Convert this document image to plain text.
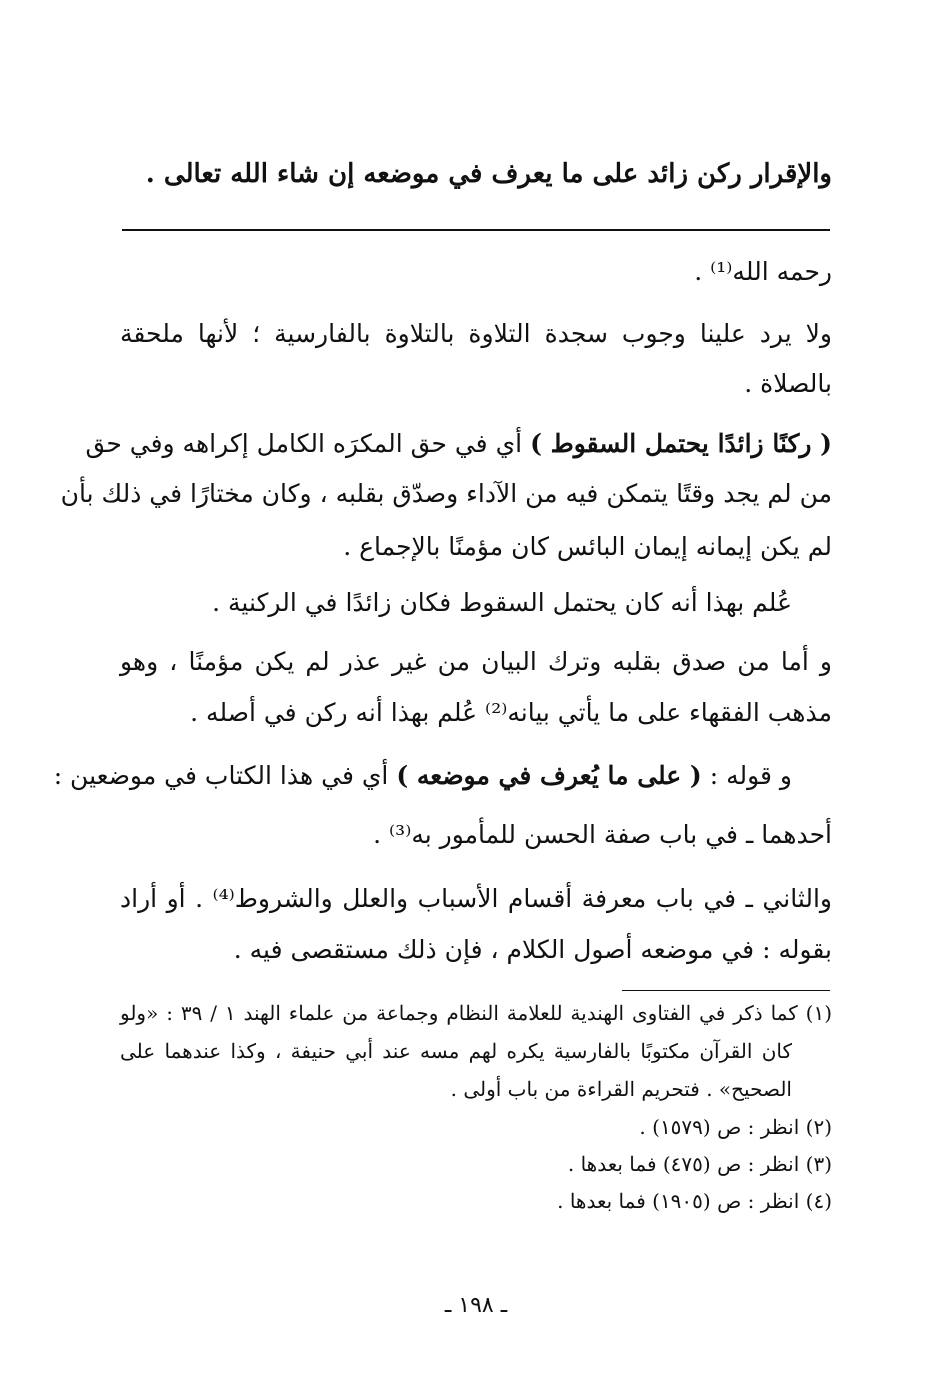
والإقرار ركن زائد على ما يعرف في موضعه إن شاء الله تعالى .
رحمه الله⁽¹⁾ .
ولا يرد علينا وجوب سجدة التلاوة بالتلاوة بالفارسية ؛ لأنها ملحقة
بالصلاة .
( ركنًا زائدًا يحتمل السقوط ) أي في حق المكرَه الكامل إكراهه وفي حق
من لم يجد وقتًا يتمكن فيه من الآداء وصدّق بقلبه ، وكان مختارًا في ذلك بأن
لم يكن إيمانه إيمان البائس كان مؤمنًا بالإجماع .
عُلم بهذا أنه كان يحتمل السقوط فكان زائدًا في الركنية .
و أما من صدق بقلبه وترك البيان من غير عذر لم يكن مؤمنًا ، وهو
مذهب الفقهاء على ما يأتي بيانه⁽²⁾ عُلم بهذا أنه ركن في أصله .
و قوله : ( على ما يُعرف في موضعه ) أي في هذا الكتاب في موضعين :
أحدهما ـ في باب صفة الحسن للمأمور به⁽³⁾ .
والثاني ـ في باب معرفة أقسام الأسباب والعلل والشروط⁽⁴⁾ . أو أراد
بقوله : في موضعه أصول الكلام ، فإن ذلك مستقصى فيه .
(١) كما ذكر في الفتاوى الهندية للعلامة النظام وجماعة من علماء الهند ١ / ٣٩ : «ولو
كان القرآن مكتوبًا بالفارسية يكره لهم مسه عند أبي حنيفة ، وكذا عندهما على
الصحيح» . فتحريم القراءة من باب أولى .
(٢) انظر : ص (١٥٧٩) .
(٣) انظر : ص (٤٧٥) فما بعدها .
(٤) انظر : ص (١٩٠٥) فما بعدها .
ـ ١٩٨ ـ
